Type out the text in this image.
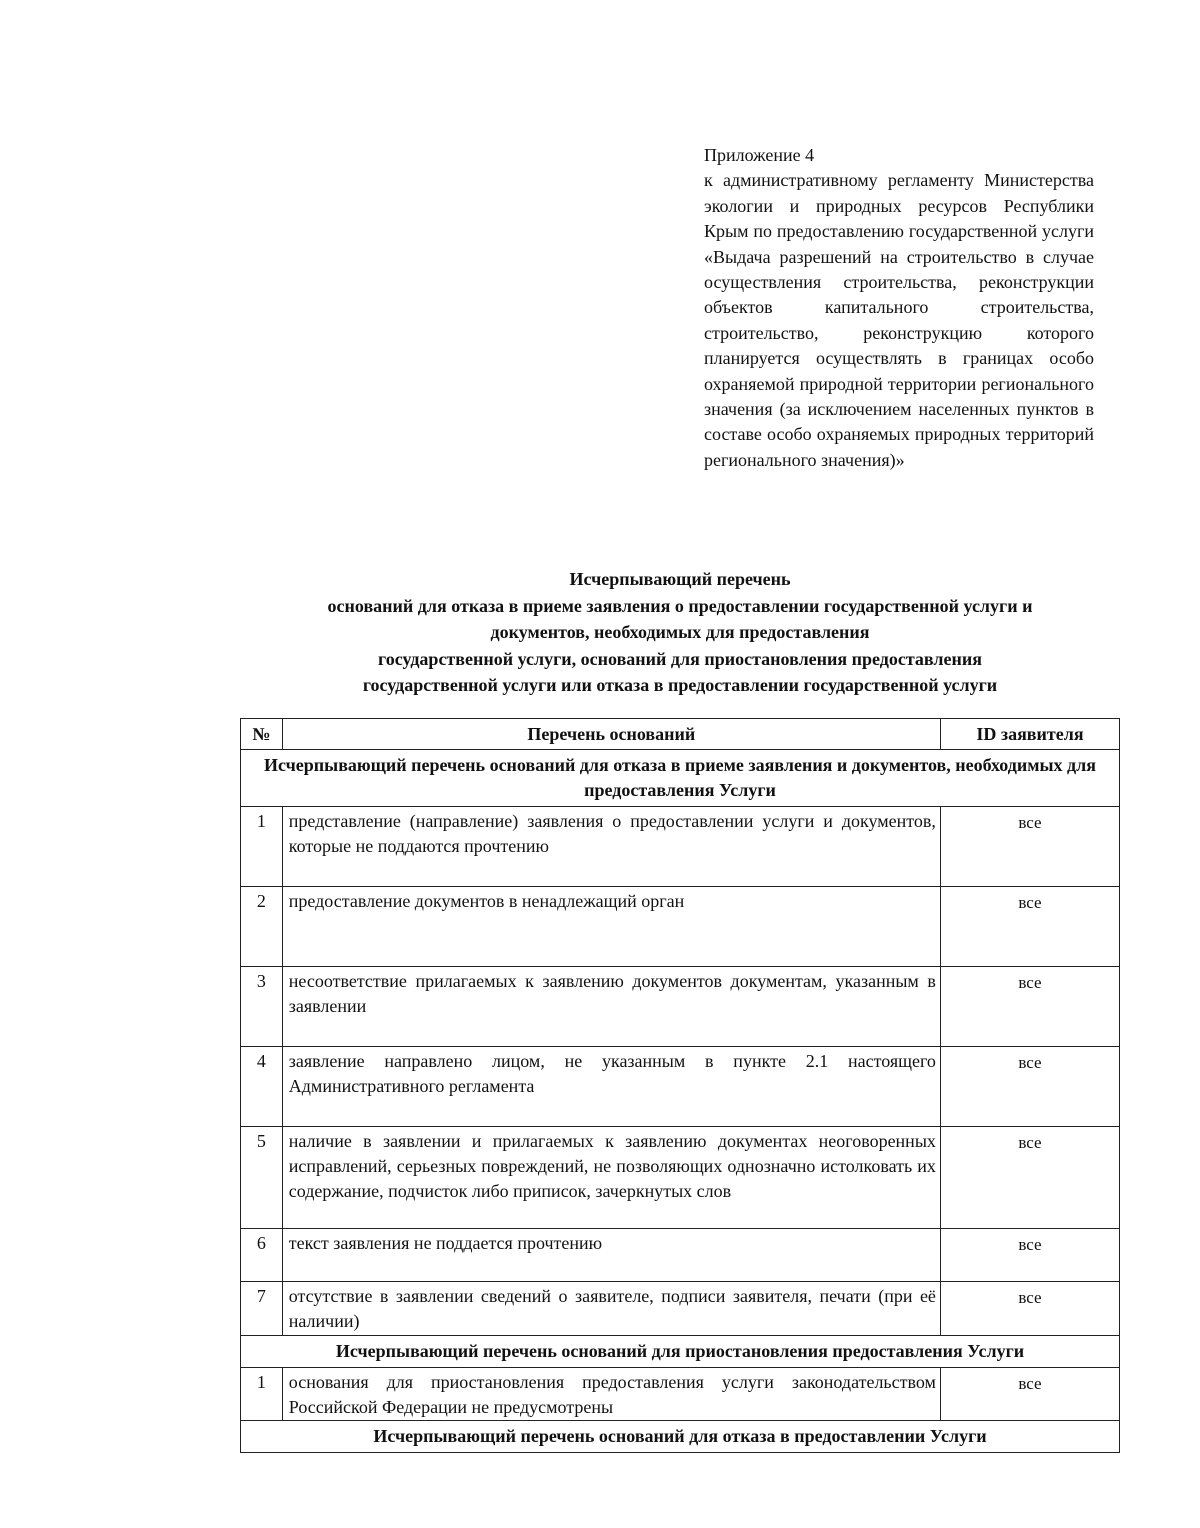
Приложение 4
к административному регламенту Министерства экологии и природных ресурсов Республики Крым по предоставлению государственной услуги «Выдача разрешений на строительство в случае осуществления строительства, реконструкции объектов капитального строительства, строительство, реконструкцию которого планируется осуществлять в границах особо охраняемой природной территории регионального значения (за исключением населенных пунктов в составе особо охраняемых природных территорий регионального значения)»
Исчерпывающий перечень
оснований для отказа в приеме заявления о предоставлении государственной услуги и
документов, необходимых для предоставления
государственной услуги, оснований для приостановления предоставления
государственной услуги или отказа в предоставлении государственной услуги
№	Перечень оснований	ID заявителя
Исчерпывающий перечень оснований для отказа в приеме заявления и документов, необходимых для предоставления Услуги		
1	представление (направление) заявления о предоставлении услуги и документов, которые не поддаются прочтению	все
2	предоставление документов в ненадлежащий орган	все
3	несоответствие прилагаемых к заявлению документов документам, указанным в заявлении	все
4	заявление направлено лицом, не указанным в пункте 2.1 настоящего Административного регламента	все
5	наличие в заявлении и прилагаемых к заявлению документах неоговоренных исправлений, серьезных повреждений, не позволяющих однозначно истолковать их содержание, подчисток либо приписок, зачеркнутых слов	все
6	текст заявления не поддается прочтению	все
7	отсутствие в заявлении сведений о заявителе, подписи заявителя, печати (при её наличии)	все
Исчерпывающий перечень оснований для приостановления предоставления Услуги		
1	основания для приостановления предоставления услуги законодательством Российской Федерации не предусмотрены	все
Исчерпывающий перечень оснований для отказа в предоставлении Услуги		
